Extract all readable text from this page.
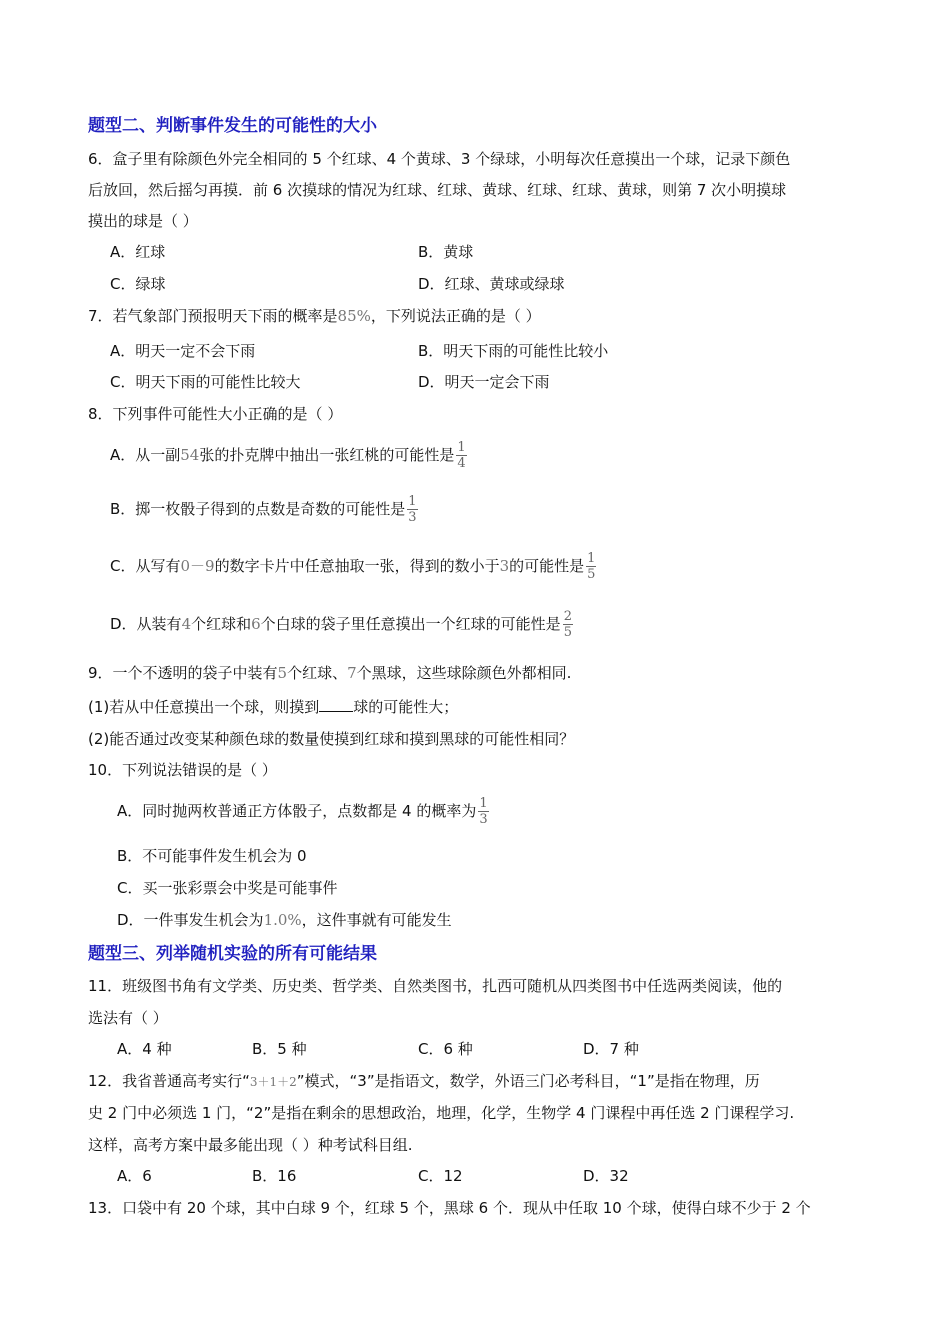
题型二、判断事件发生的可能性的大小
6．盒子里有除颜色外完全相同的 5 个红球、4 个黄球、3 个绿球，小明每次任意摸出一个球，记录下颜色
后放回，然后摇匀再摸．前 6 次摸球的情况为红球、红球、黄球、红球、红球、黄球，则第 7 次小明摸球
摸出的球是（ ）
A．红球	B．黄球
C．绿球	D．红球、黄球或绿球
7．若气象部门预报明天下雨的概率是85%，下列说法正确的是（ ）
A．明天一定不会下雨	B．明天下雨的可能性比较小
C．明天下雨的可能性比较大	D．明天一定会下雨
8．下列事件可能性大小正确的是（ ）
A．从一副54张的扑克牌中抽出一张红桃的可能性是 $\frac{1}{4}$
B．掷一枚骰子得到的点数是奇数的可能性是 $\frac{1}{3}$
C．从写有0－9的数字卡片中任意抽取一张，得到的数小于3的可能性是 $\frac{1}{5}$
D．从装有4个红球和6个白球的袋子里任意摸出一个红球的可能性是 $\frac{2}{5}$
9．一个不透明的袋子中装有5个红球、7个黑球，这些球除颜色外都相同.
(1)若从中任意摸出一个球，则摸到 球的可能性大；
(2)能否通过改变某种颜色球的数量使摸到红球和摸到黑球的可能性相同？
10．下列说法错误的是（ ）
A．同时抛两枚普通正方体骰子，点数都是 4 的概率为 $\frac{1}{3}$
B．不可能事件发生机会为 0
C．买一张彩票会中奖是可能事件
D．一件事发生机会为1.0%，这件事就有可能发生
题型三、列举随机实验的所有可能结果
11．班级图书角有文学类、历史类、哲学类、自然类图书，扎西可随机从四类图书中任选两类阅读，他的
选法有（ ）
A．4 种	B．5 种	C．6 种	D．7 种
12．我省普通高考实行“3＋1＋2”模式，“3”是指语文，数学，外语三门必考科目，“1”是指在物理，历
史 2 门中必须选 1 门，“2”是指在剩余的思想政治，地理，化学，生物学 4 门课程中再任选 2 门课程学习.
这样，高考方案中最多能出现（ ）种考试科目组.
A．6	B．16	C．12	D．32
13．口袋中有 20 个球，其中白球 9 个，红球 5 个，黑球 6 个．现从中任取 10 个球，使得白球不少于 2 个
